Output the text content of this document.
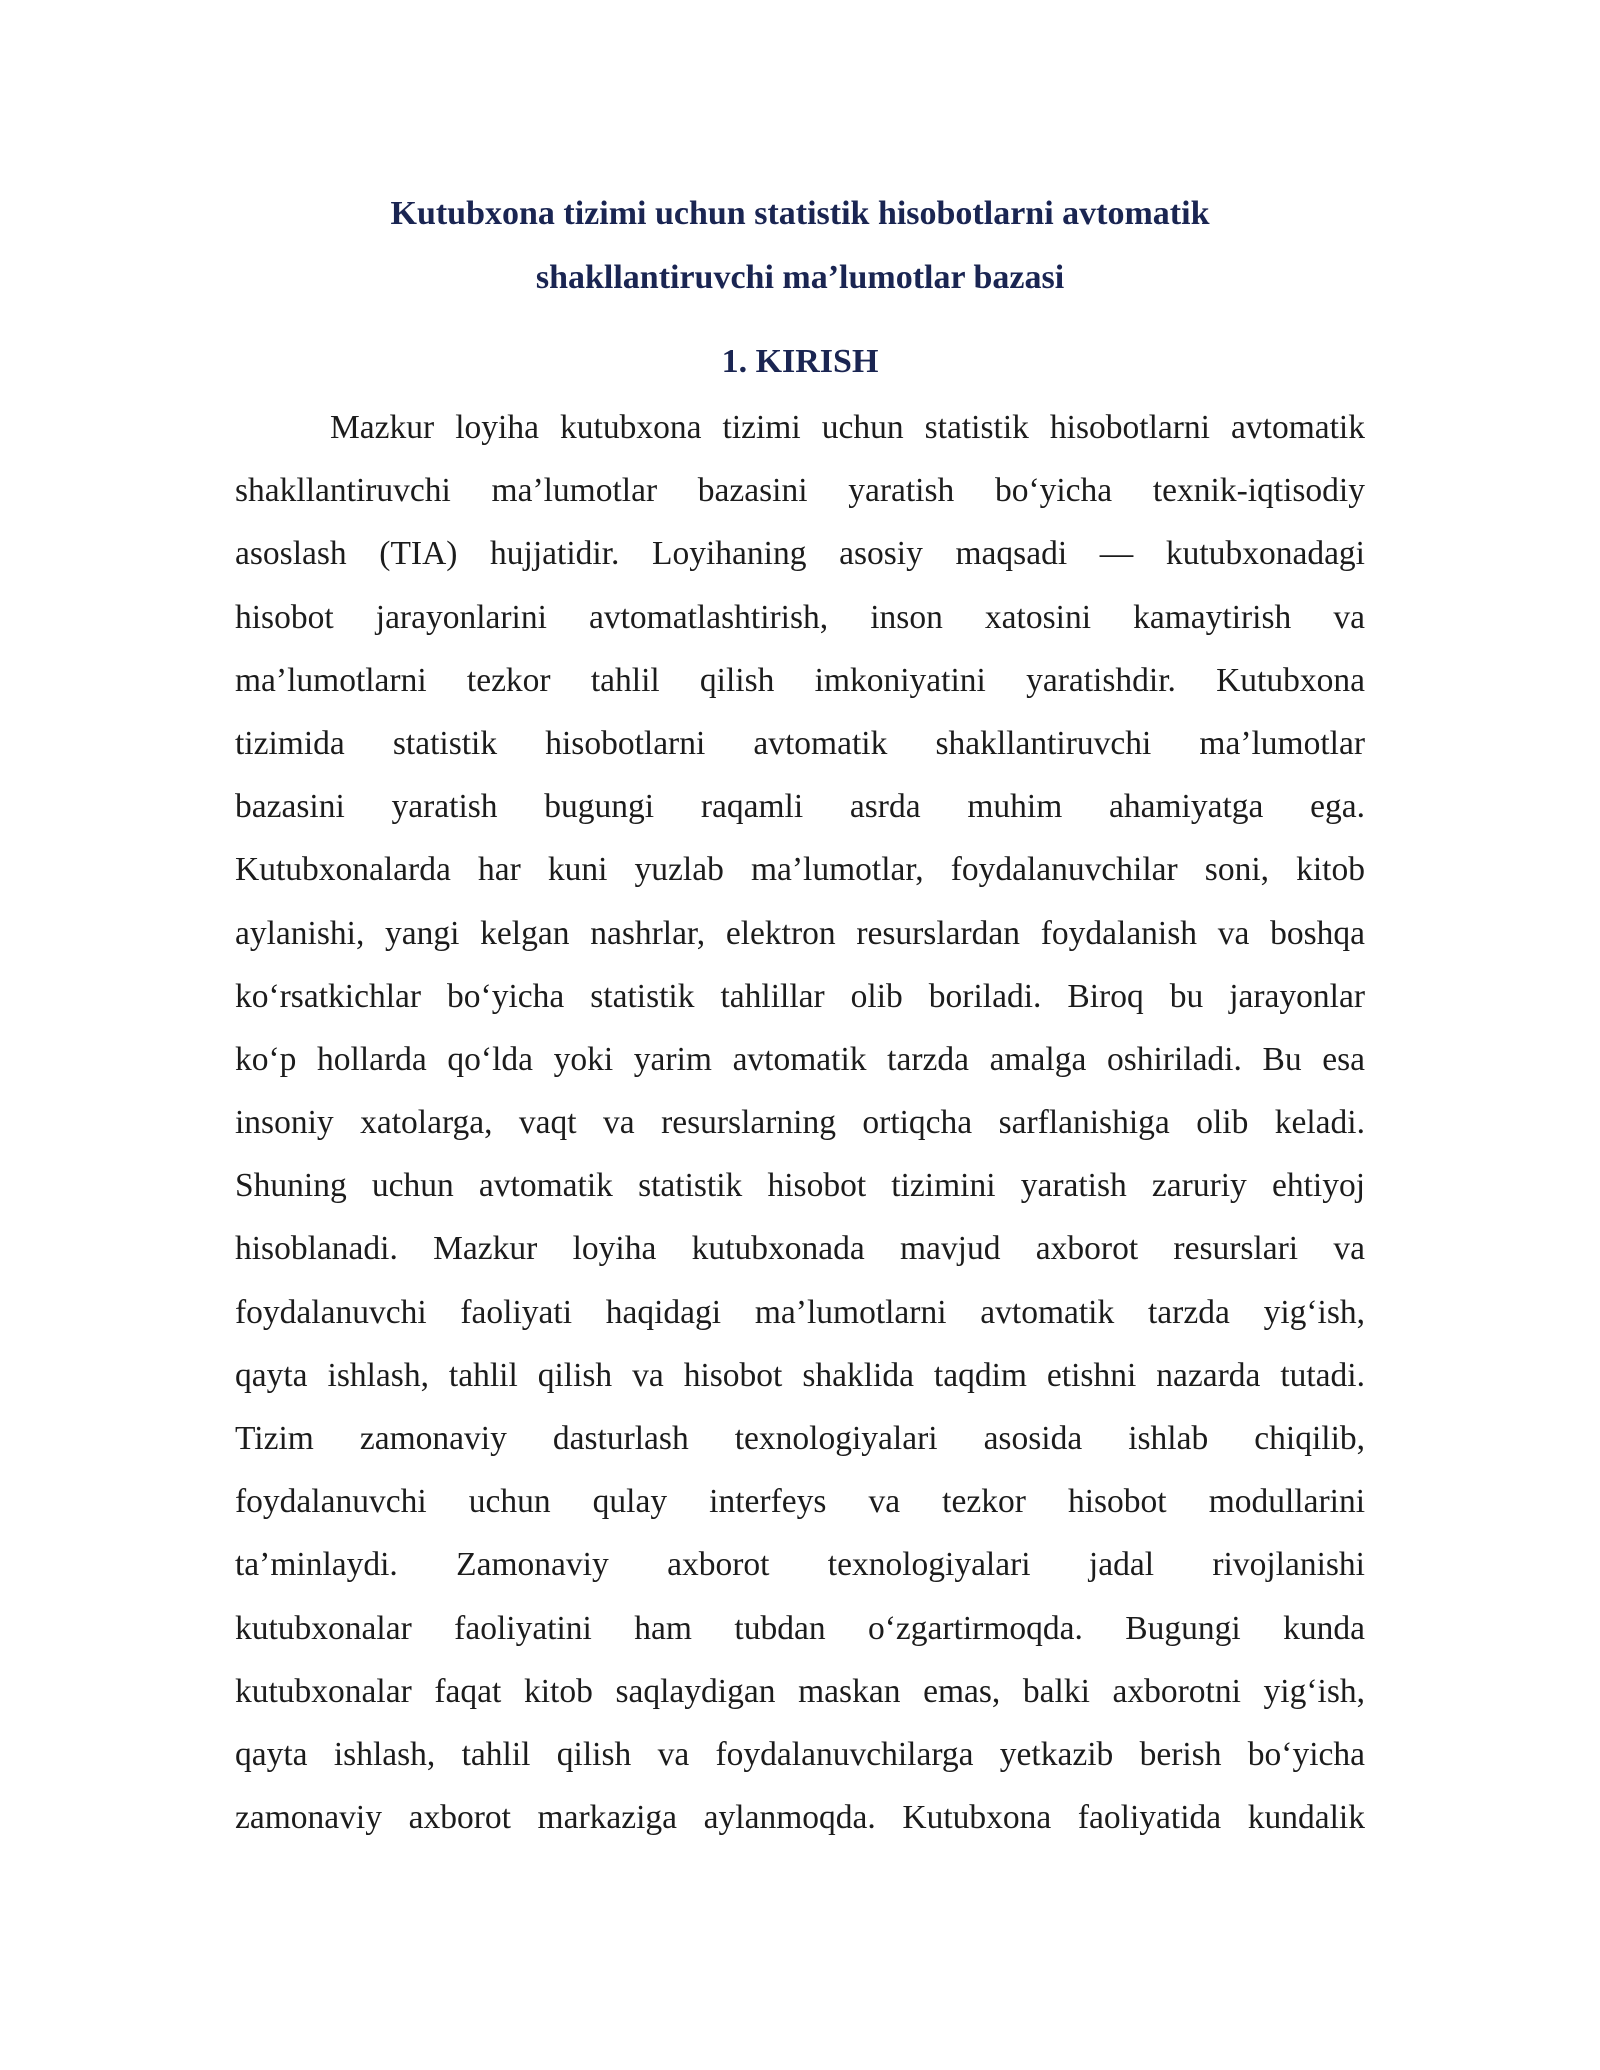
Kutubxona tizimi uchun statistik hisobotlarni avtomatik
shakllantiruvchi ma’lumotlar bazasi
1. KIRISH
Mazkur loyiha kutubxona tizimi uchun statistik hisobotlarni avtomatik
shakllantiruvchi ma’lumotlar bazasini yaratish bo‘yicha texnik-iqtisodiy
asoslash (TIA) hujjatidir. Loyihaning asosiy maqsadi — kutubxonadagi
hisobot jarayonlarini avtomatlashtirish, inson xatosini kamaytirish va
ma’lumotlarni tezkor tahlil qilish imkoniyatini yaratishdir. Kutubxona
tizimida statistik hisobotlarni avtomatik shakllantiruvchi ma’lumotlar
bazasini yaratish bugungi raqamli asrda muhim ahamiyatga ega.
Kutubxonalarda har kuni yuzlab ma’lumotlar, foydalanuvchilar soni, kitob
aylanishi, yangi kelgan nashrlar, elektron resurslardan foydalanish va boshqa
ko‘rsatkichlar bo‘yicha statistik tahlillar olib boriladi. Biroq bu jarayonlar
ko‘p hollarda qo‘lda yoki yarim avtomatik tarzda amalga oshiriladi. Bu esa
insoniy xatolarga, vaqt va resurslarning ortiqcha sarflanishiga olib keladi.
Shuning uchun avtomatik statistik hisobot tizimini yaratish zaruriy ehtiyoj
hisoblanadi. Mazkur loyiha kutubxonada mavjud axborot resurslari va
foydalanuvchi faoliyati haqidagi ma’lumotlarni avtomatik tarzda yig‘ish,
qayta ishlash, tahlil qilish va hisobot shaklida taqdim etishni nazarda tutadi.
Tizim zamonaviy dasturlash texnologiyalari asosida ishlab chiqilib,
foydalanuvchi uchun qulay interfeys va tezkor hisobot modullarini
ta’minlaydi. Zamonaviy axborot texnologiyalari jadal rivojlanishi
kutubxonalar faoliyatini ham tubdan o‘zgartirmoqda. Bugungi kunda
kutubxonalar faqat kitob saqlaydigan maskan emas, balki axborotni yig‘ish,
qayta ishlash, tahlil qilish va foydalanuvchilarga yetkazib berish bo‘yicha
zamonaviy axborot markaziga aylanmoqda. Kutubxona faoliyatida kundalik
